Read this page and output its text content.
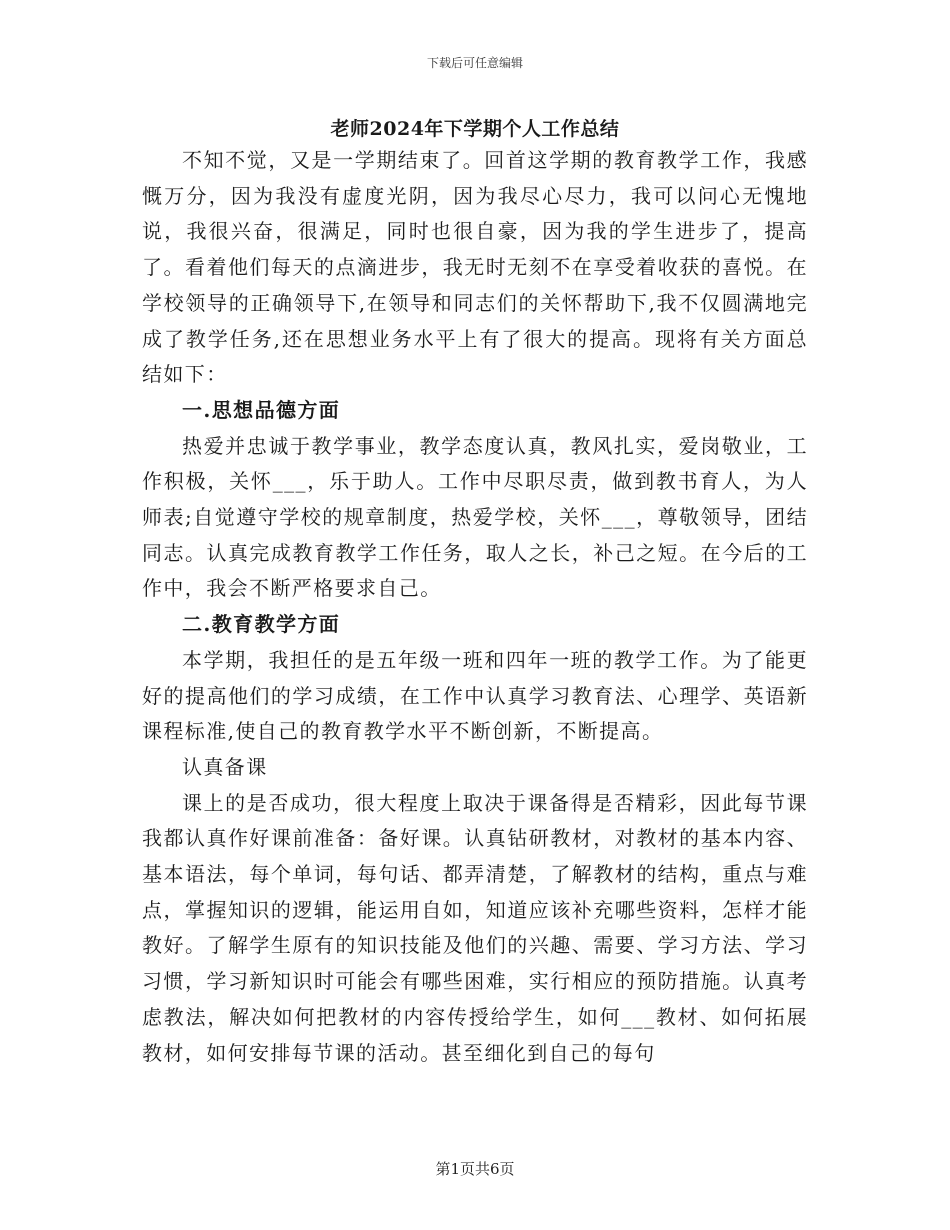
下载后可任意编辑
老师2024年下学期个人工作总结

不知不觉，又是一学期结束了。回首这学期的教育教学工作，我感慨万分，因为我没有虚度光阴，因为我尽心尽力，我可以问心无愧地说，我很兴奋，很满足，同时也很自豪，因为我的学生进步了，提高了。看着他们每天的点滴进步，我无时无刻不在享受着收获的喜悦。在学校领导的正确领导下,在领导和同志们的关怀帮助下,我不仅圆满地完成了教学任务,还在思想业务水平上有了很大的提高。现将有关方面总结如下：

一.思想品德方面

热爱并忠诚于教学事业，教学态度认真，教风扎实，爱岗敬业，工作积极，关怀___，乐于助人。工作中尽职尽责，做到教书育人，为人师表;自觉遵守学校的规章制度，热爱学校，关怀___，尊敬领导，团结同志。认真完成教育教学工作任务，取人之长，补己之短。在今后的工作中，我会不断严格要求自己。

二.教育教学方面

本学期，我担任的是五年级一班和四年一班的教学工作。为了能更好的提高他们的学习成绩，在工作中认真学习教育法、心理学、英语新课程标准,使自己的教育教学水平不断创新，不断提高。

认真备课

课上的是否成功，很大程度上取决于课备得是否精彩，因此每节课我都认真作好课前准备：备好课。认真钻研教材，对教材的基本内容、基本语法，每个单词，每句话、都弄清楚，了解教材的结构，重点与难点，掌握知识的逻辑，能运用自如，知道应该补充哪些资料，怎样才能教好。了解学生原有的知识技能及他们的兴趣、需要、学习方法、学习习惯，学习新知识时可能会有哪些困难，实行相应的预防措施。认真考虑教法，解决如何把教材的内容传授给学生，如何___教材、如何拓展教材，如何安排每节课的活动。甚至细化到自己的每句

第1页共6页
